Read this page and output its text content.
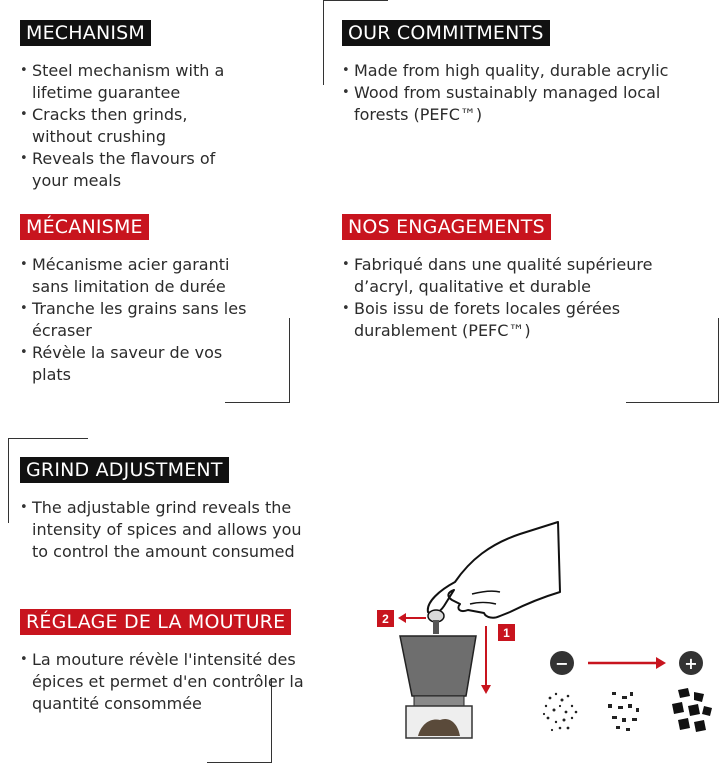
MECHANISM
• Steel mechanism with a lifetime guarantee
• Cracks then grinds, without crushing
• Reveals the flavours of your meals
OUR COMMITMENTS
• Made from high quality, durable acrylic
• Wood from sustainably managed local forests (PEFC™)
MÉCANISME
• Mécanisme acier garanti sans limitation de durée
• Tranche les grains sans les écraser
• Révèle la saveur de vos plats
NOS ENGAGEMENTS
• Fabriqué dans une qualité supérieure d’acryl, qualitative et durable
• Bois issu de forets locales gérées durablement (PEFC™)
GRIND ADJUSTMENT
• The adjustable grind reveals the intensity of spices and allows you to control the amount consumed
RÉGLAGE DE LA MOUTURE
• La mouture révèle l'intensité des épices et permet d'en contrôler la quantité consommée
2
1
−	+
